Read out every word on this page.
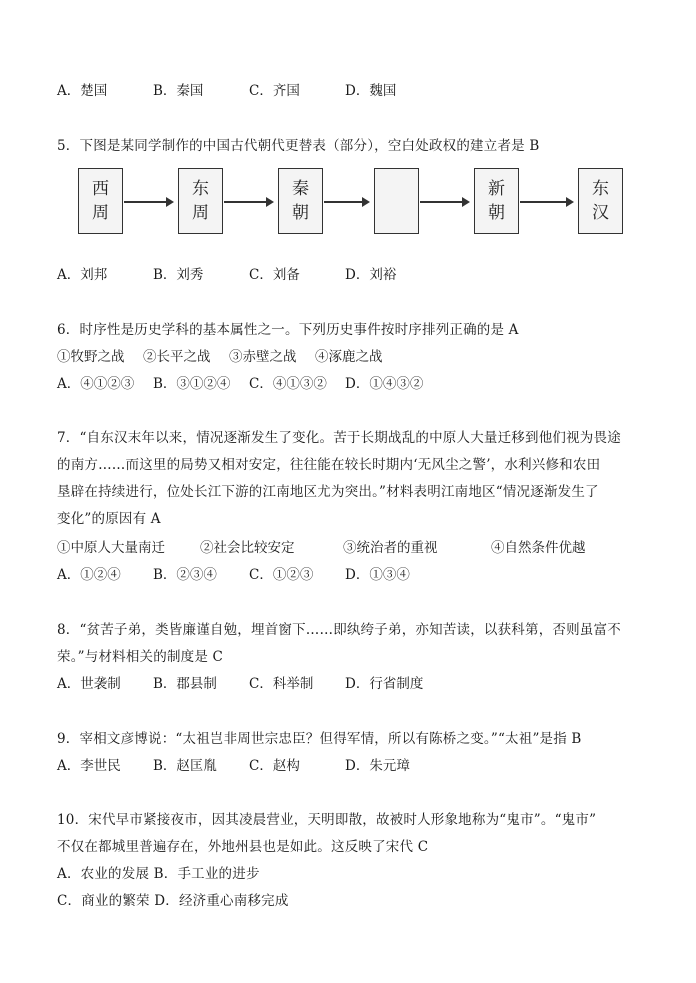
A．楚国	B．秦国	C．齐国	D．魏国
5．下图是某同学制作的中国古代朝代更替表（部分），空白处政权的建立者是 B
西
周
东
周
秦
朝
新
朝
东
汉
A．刘邦	B．刘秀	C．刘备	D．刘裕
6．时序性是历史学科的基本属性之一。下列历史事件按时序排列正确的是 A
①牧野之战 ②长平之战 ③赤壁之战 ④涿鹿之战
A．④①②③ B．③①②④ C．④①③② D．①④③②
7．“自东汉末年以来，情况逐渐发生了变化。苦于长期战乱的中原人大量迁移到他们视为畏途
的南方……而这里的局势又相对安定，往往能在较长时期内‘无风尘之警’，水利兴修和农田
垦辟在持续进行，位处长江下游的江南地区尤为突出。”材料表明江南地区“情况逐渐发生了
变化”的原因有 A
①中原人大量南迁	②社会比较安定	③统治者的重视	④自然条件优越
A．①②④ B．②③④ C．①②③ D．①③④
8．“贫苦子弟，类皆廉谨自勉，埋首窗下……即纨绔子弟，亦知苦读，以获科第，否则虽富不
荣。”与材料相关的制度是 C
A．世袭制 B．郡县制 C．科举制 D．行省制度
9．宰相文彦博说：“太祖岂非周世宗忠臣？但得军情，所以有陈桥之变。”“太祖”是指 B
A．李世民 B．赵匡胤 C．赵构	D．朱元璋
10．宋代早市紧接夜市，因其凌晨营业，天明即散，故被时人形象地称为“鬼市”。“鬼市”
不仅在都城里普遍存在，外地州县也是如此。这反映了宋代 C
A．农业的发展 B．手工业的进步
C．商业的繁荣 D．经济重心南移完成
